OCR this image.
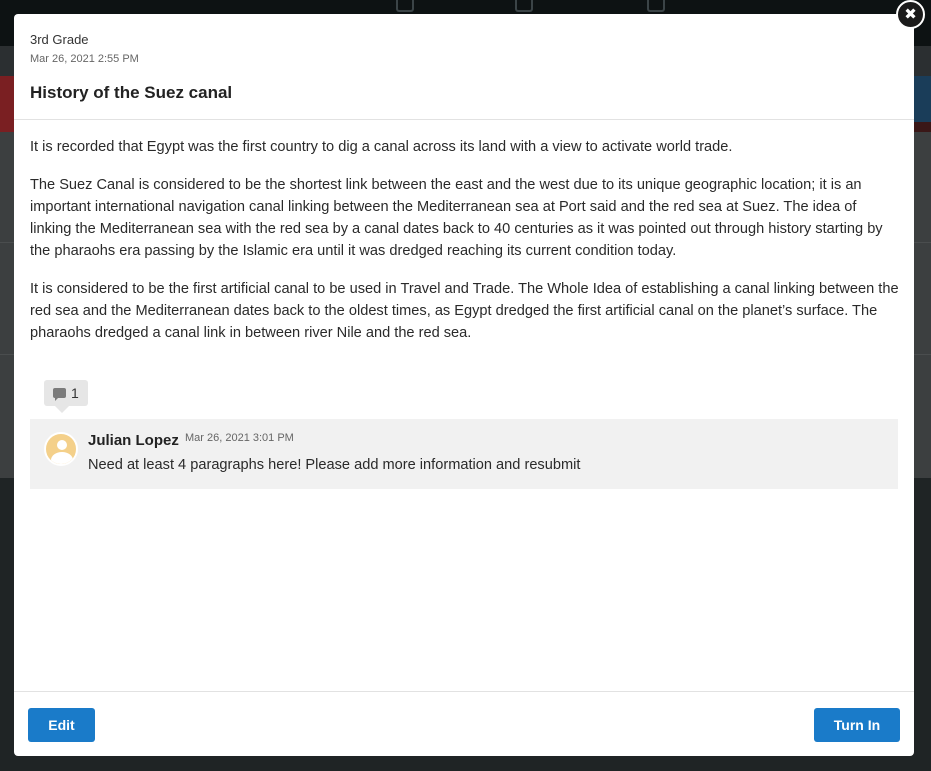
3rd Grade
Mar 26, 2021 2:55 PM
History of the Suez canal

It is recorded that Egypt was the first country to dig a canal across its land with a view to activate world trade.

The Suez Canal is considered to be the shortest link between the east and the west due to its unique geographic location; it is an important international navigation canal linking between the Mediterranean sea at Port said and the red sea at Suez. The idea of linking the Mediterranean sea with the red sea by a canal dates back to 40 centuries as it was pointed out through history starting by the pharaohs era passing by the Islamic era until it was dredged reaching its current condition today.

It is considered to be the first artificial canal to be used in Travel and Trade. The Whole Idea of establishing a canal linking between the red sea and the Mediterranean dates back to the oldest times, as Egypt dredged the first artificial canal on the planet’s surface. The pharaohs dredged a canal link in between river Nile and the red sea.

1
Julian Lopez Mar 26, 2021 3:01 PM
Need at least 4 paragraphs here! Please add more information and resubmit
Edit	Turn In
✖
